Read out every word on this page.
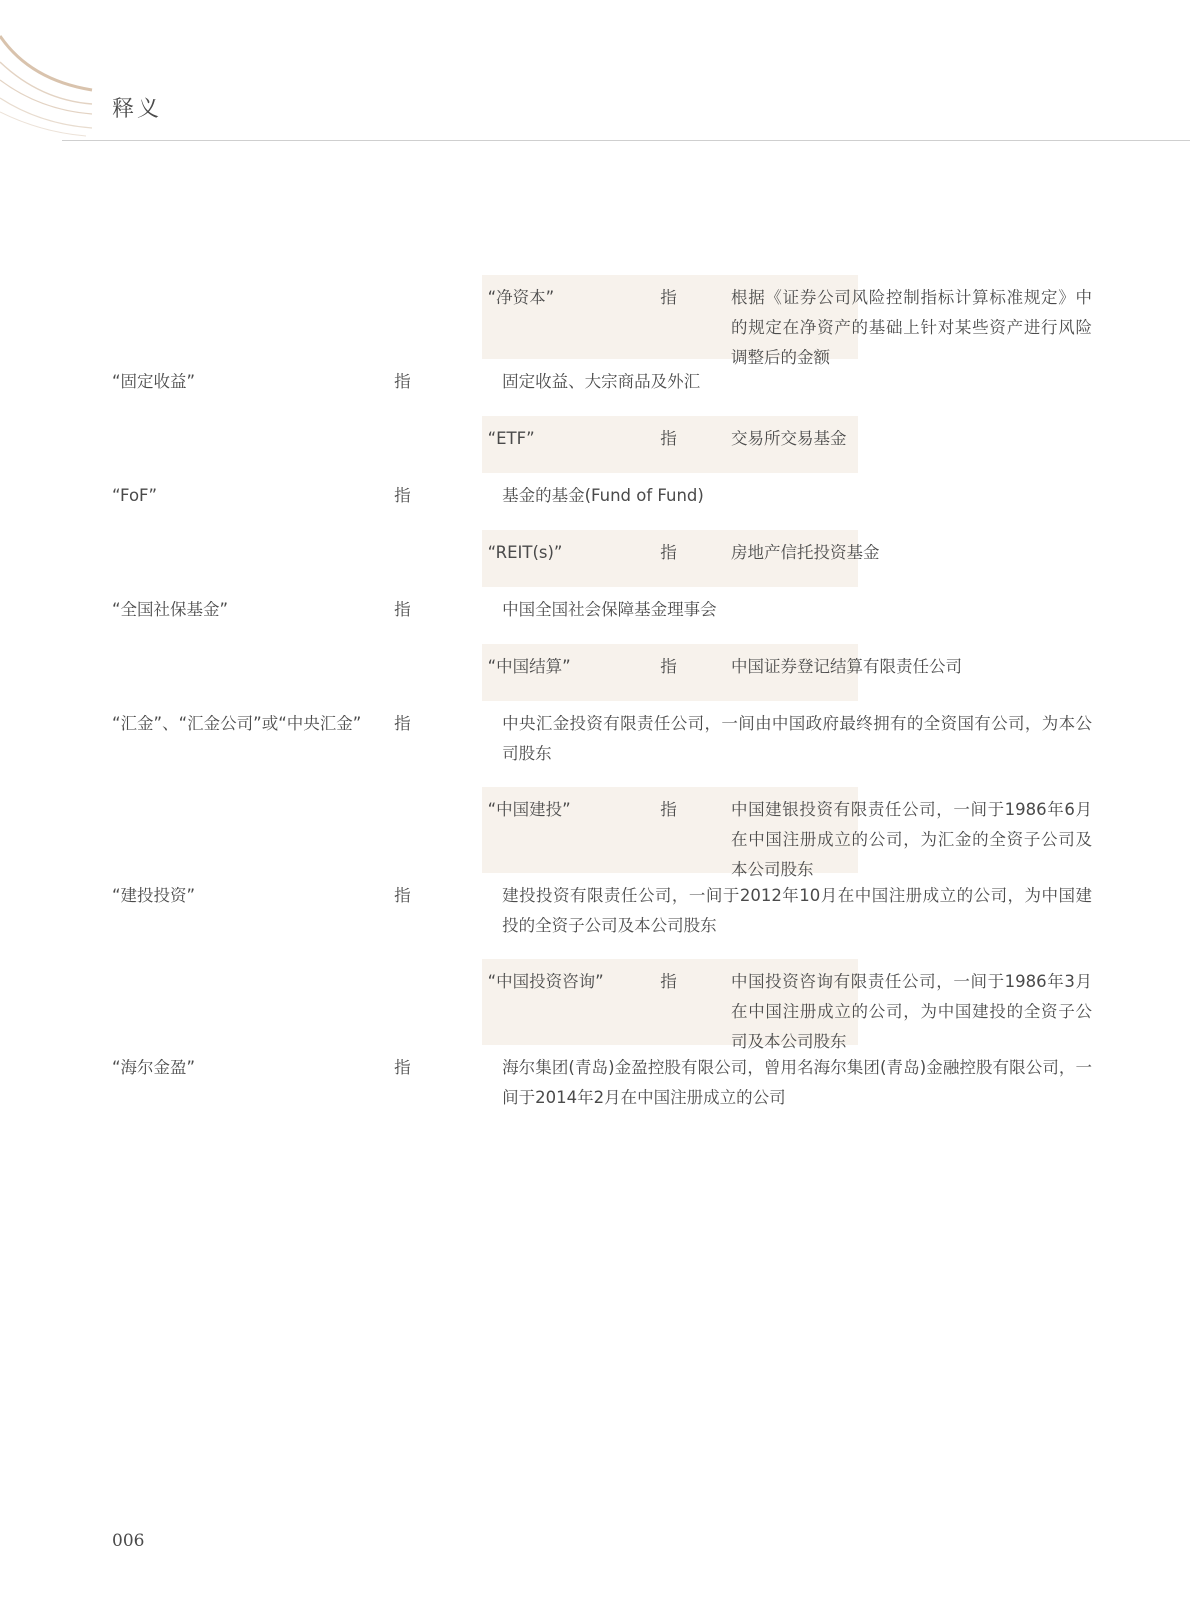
释义
“净资本”	指	根据《证券公司风险控制指标计算标准规定》中的规定在净资产的基础上针对某些资产进行风险调整后的金额
“固定收益”	指	固定收益、大宗商品及外汇
“ETF”	指	交易所交易基金
“FoF”	指	基金的基金(Fund of Fund)
“REIT(s)”	指	房地产信托投资基金
“全国社保基金”	指	中国全国社会保障基金理事会
“中国结算”	指	中国证券登记结算有限责任公司
“汇金”、“汇金公司”或“中央汇金”	指	中央汇金投资有限责任公司，一间由中国政府最终拥有的全资国有公司，为本公司股东
“中国建投”	指	中国建银投资有限责任公司，一间于1986年6月在中国注册成立的公司，为汇金的全资子公司及本公司股东
“建投投资”	指	建投投资有限责任公司，一间于2012年10月在中国注册成立的公司，为中国建投的全资子公司及本公司股东
“中国投资咨询”	指	中国投资咨询有限责任公司，一间于1986年3月在中国注册成立的公司，为中国建投的全资子公司及本公司股东
“海尔金盈”	指	海尔集团(青岛)金盈控股有限公司，曾用名海尔集团(青岛)金融控股有限公司，一间于2014年2月在中国注册成立的公司
006
